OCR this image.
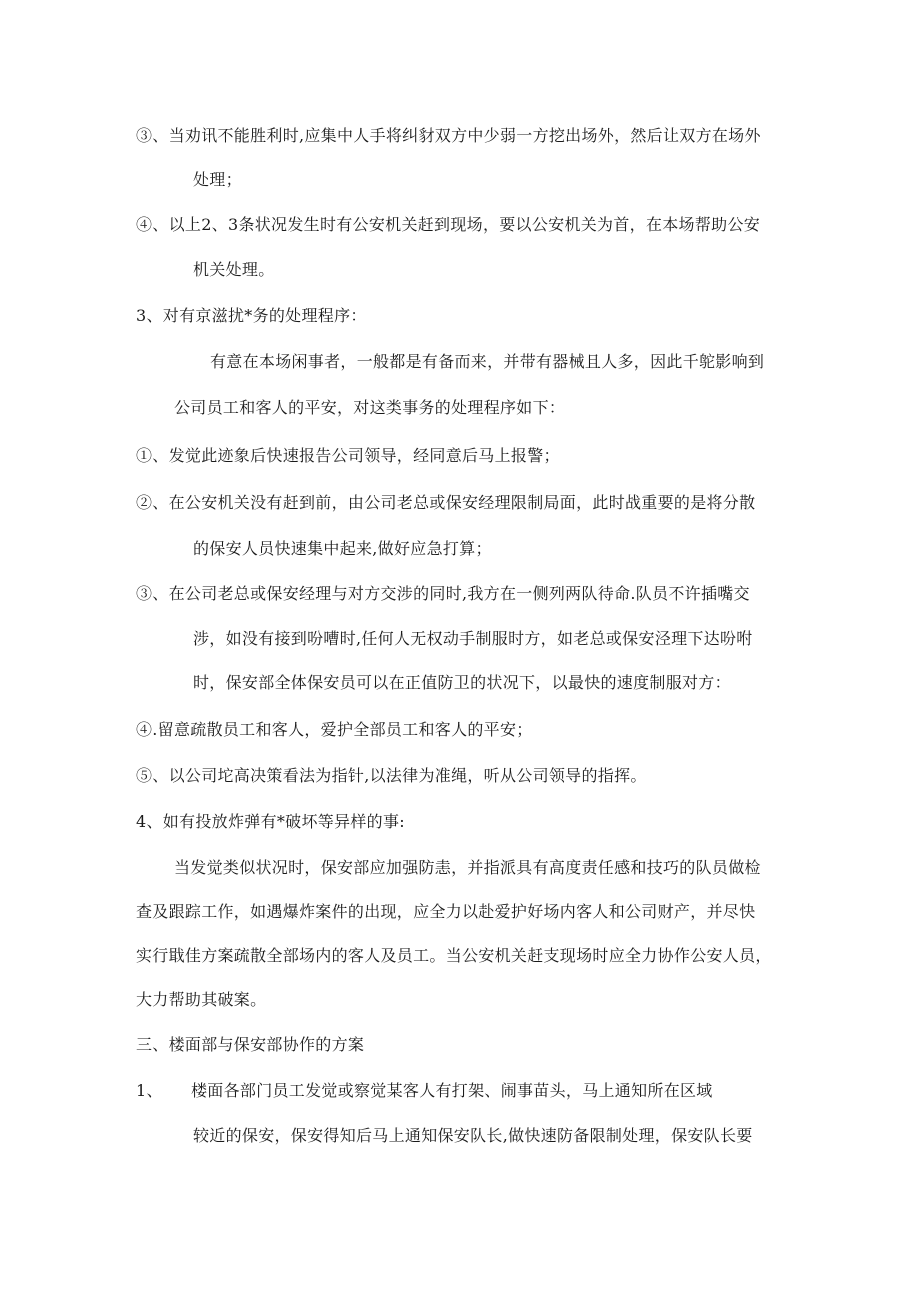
③、当劝讯不能胜利时,应集中人手将纠豺双方中少弱一方挖出场外，然后让双方在场外
处理；
④、以上2、3条状况发生时有公安机关赶到现场，要以公安机关为首，在本场帮助公安
机关处理。
3、对有京滋扰*务的处理程序：
有意在本场闲事者，一般都是有备而来，并带有器械且人多，因此千鸵影响到
公司员工和客人的平安，对这类事务的处理程序如下：
①、发觉此迹象后快速报告公司领导，经同意后马上报警；
②、在公安机关没有赶到前，由公司老总或保安经理限制局面，此时战重要的是将分散
的保安人员快速集中起来,做好应急打算；
③、在公司老总或保安经理与对方交涉的同时,我方在一侧列两队待命.队员不许插嘴交
涉，如没有接到吩嘈时,任何人无权动手制服时方，如老总或保安泾理下达吩咐
时，保安部全体保安员可以在正值防卫的状况下，以最快的速度制服对方：
④.留意疏散员工和客人，爱护全部员工和客人的平安；
⑤、以公司坨高决策看法为指针,以法律为准绳，听从公司领导的指挥。
4、如有投放炸弹有*破坏等异样的事:
当发觉类似状况时，保安部应加强防恚，并指派具有高度责任感和技巧的队员做检
查及跟踪工作，如遇爆炸案件的出现，应全力以赴爱护好场内客人和公司财产，并尽快
实行戢佳方案疏散全部场内的客人及员工。当公安机关赶支现场时应全力协作公安人员，
大力帮助其破案。
三、楼面部与保安部协作的方案
1、 楼面各部门员工发觉或察觉某客人有打架、闹事苗头，马上通知所在区域
较近的保安，保安得知后马上通知保安队长,做快速防备限制处理，保安队长要
